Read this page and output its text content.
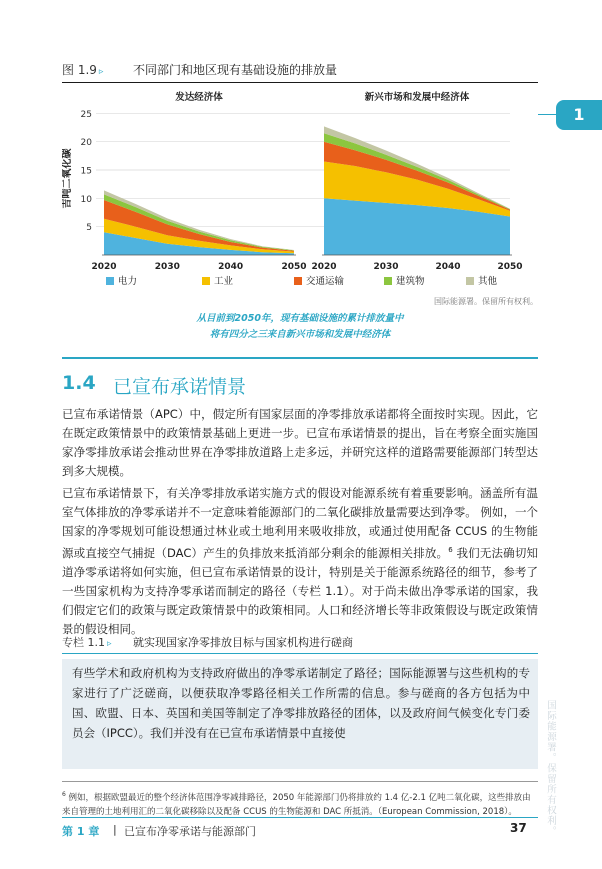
图 1.9 ▹ 不同部门和地区现有基础设施的排放量
1
吉吨二氧化碳
5
10
15
20
25
发达经济体
2020	2030	2040	2050
新兴市场和发展中经济体
2020	2030	2040	2050
电力	工业	交通运输	建筑物	其他
国际能源署。保留所有权利。
从目前到2050年，现有基础设施的累计排放量中
将有四分之三来自新兴市场和发展中经济体
1.4 已宣布承诺情景

已宣布承诺情景（APC）中，假定所有国家层面的净零排放承诺都将全面按时实现。因此，它在既定政策情景中的政策情景基础上更进一步。已宣布承诺情景的提出，旨在考察全面实施国家净零排放承诺会推动世界在净零排放道路上走多远，并研究这样的道路需要能源部门转型达到多大规模。

已宣布承诺情景下，有关净零排放承诺实施方式的假设对能源系统有着重要影响。涵盖所有温室气体排放的净零承诺并不一定意味着能源部门的二氧化碳排放量需要达到净零。 例如，一个国家的净零规划可能设想通过林业或土地利用来吸收排放，或通过使用配备 CCUS 的生物能源或直接空气捕捉（DAC）产生的负排放来抵消部分剩余的能源相关排放。$^6$ 我们无法确切知道净零承诺将如何实施，但已宣布承诺情景的设计，特别是关于能源系统路径的细节，参考了一些国家机构为支持净零承诺而制定的路径（专栏 1.1）。对于尚未做出净零承诺的国家，我们假定它们的政策与既定政策情景中的政策相同。人口和经济增长等非政策假设与既定政策情景的假设相同。

专栏 1.1 ▹ 就实现国家净零排放目标与国家机构进行磋商
有些学术和政府机构为支持政府做出的净零承诺制定了路径；国际能源署与这些机构的专家进行了广泛磋商，以便获取净零路径相关工作所需的信息。参与磋商的各方包括为中国、欧盟、日本、英国和美国等制定了净零排放路径的团体，以及政府间气候变化专门委员会（IPCC）。我们并没有在已宣布承诺情景中直接使
$^6$ 例如，根据欧盟最近的整个经济体范围净零减排路径，2050 年能源部门仍将排放约 1.4 亿-2.1 亿吨二氧化碳，这些排放由来自管理的土地利用汇的二氧化碳移除以及配备 CCUS 的生物能源和 DAC 所抵消。（European Commission, 2018）。
第 1 章 | 已宣布净零承诺与能源部门	37 国际能源署。保留所有权利。
